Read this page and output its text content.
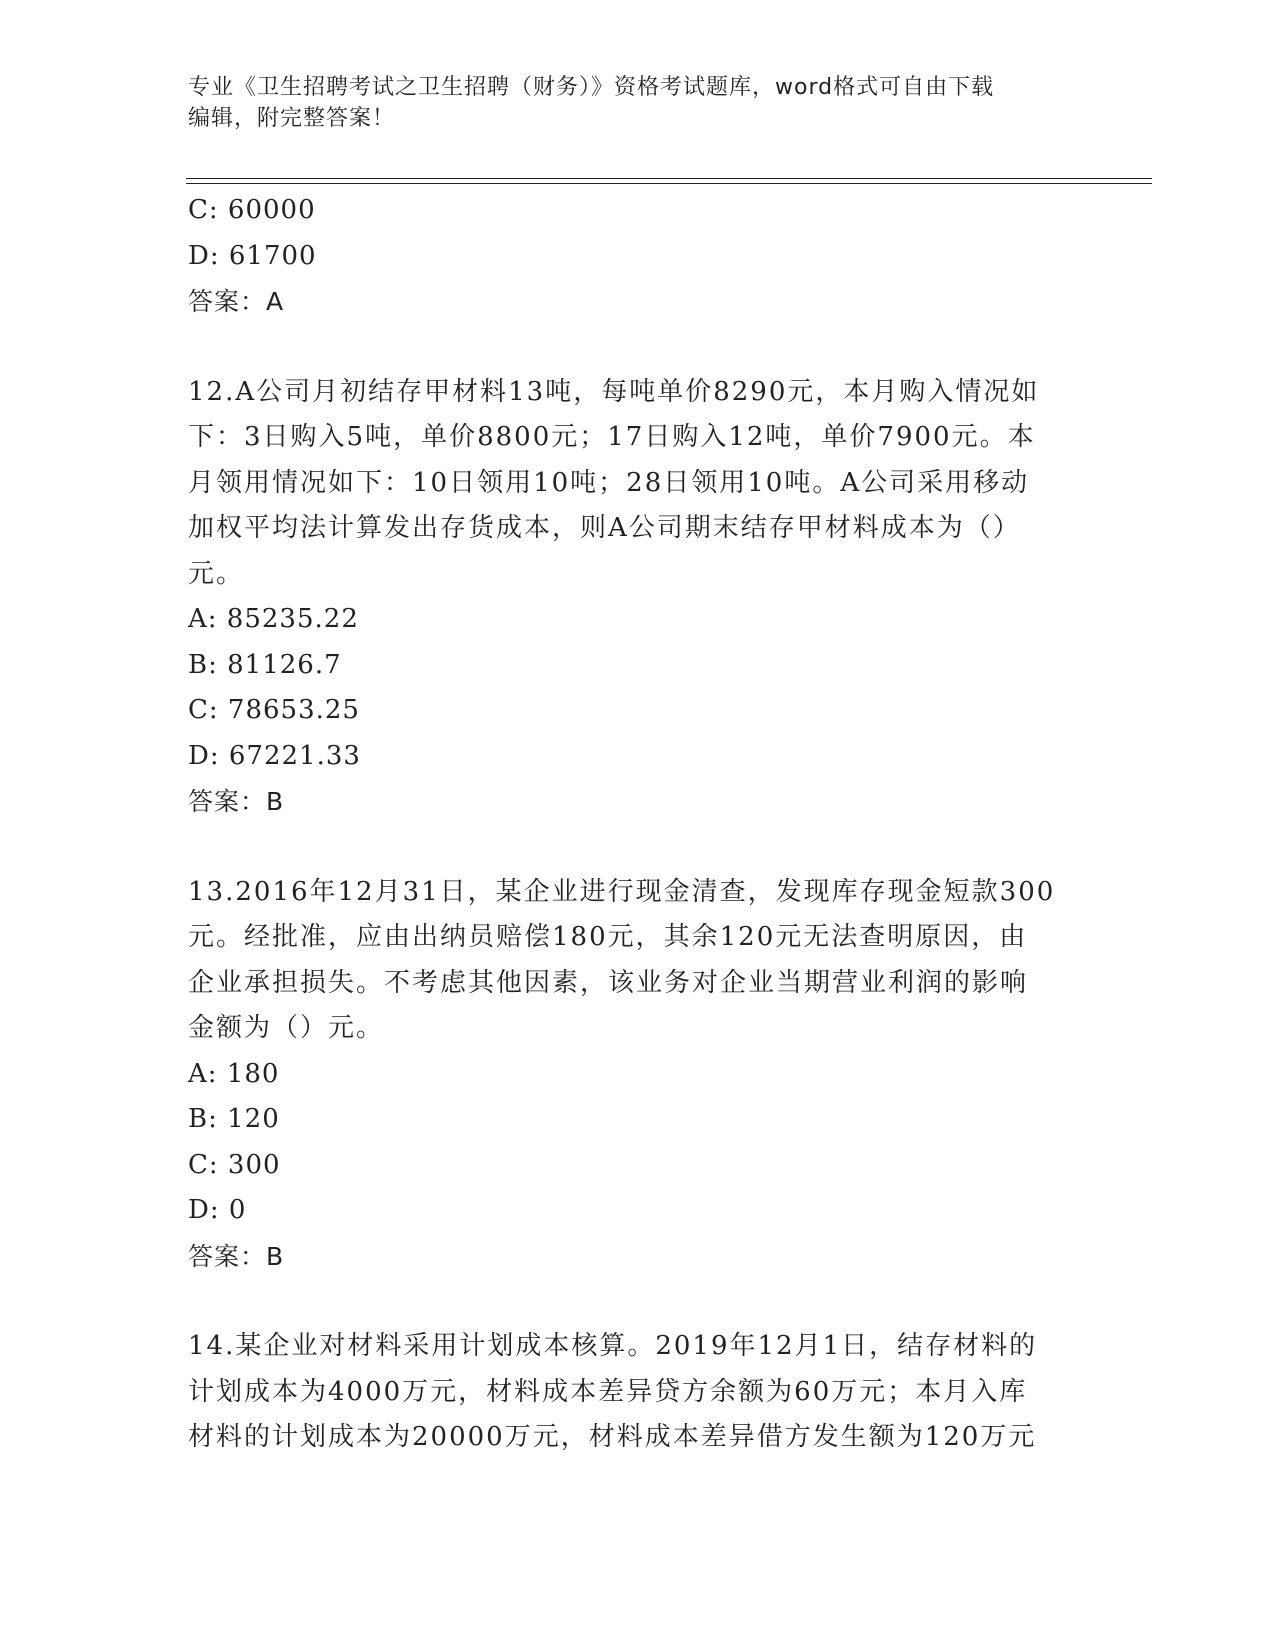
专业《卫生招聘考试之卫生招聘（财务）》资格考试题库，word格式可自由下载
编辑，附完整答案！
C: 60000
D: 61700
答案：A
12.A公司月初结存甲材料13吨，每吨单价8290元，本月购入情况如
下：3日购入5吨，单价8800元；17日购入12吨，单价7900元。本
月领用情况如下：10日领用10吨；28日领用10吨。A公司采用移动
加权平均法计算发出存货成本，则A公司期末结存甲材料成本为（）
元。
A: 85235.22
B: 81126.7
C: 78653.25
D: 67221.33
答案：B
13.2016年12月31日，某企业进行现金清查，发现库存现金短款300
元。经批准，应由出纳员赔偿180元，其余120元无法查明原因，由
企业承担损失。不考虑其他因素，该业务对企业当期营业利润的影响
金额为（）元。
A: 180
B: 120
C: 300
D: 0
答案：B
14.某企业对材料采用计划成本核算。2019年12月1日，结存材料的
计划成本为4000万元，材料成本差异贷方余额为60万元；本月入库
材料的计划成本为20000万元，材料成本差异借方发生额为120万元
